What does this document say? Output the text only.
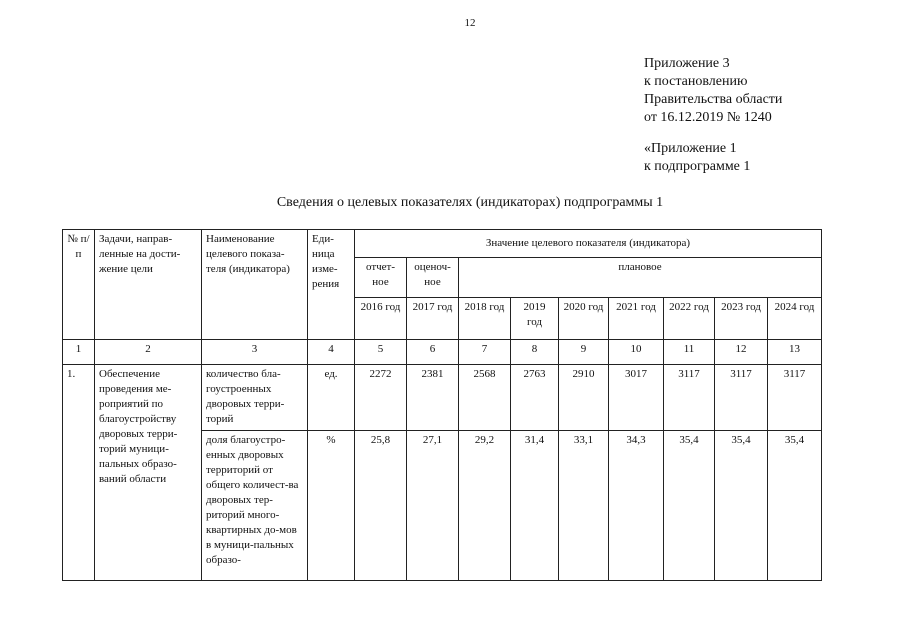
12
Приложение 3
к постановлению
Правительства области
от 16.12.2019 № 1240
«Приложение 1
к подпрограмме 1
Сведения о целевых показателях (индикаторах) подпрограммы 1
№ п/п	Задачи, направ-ленные на дости-жение цели	Наименование целевого показа-теля (индикатора)	Еди-ница изме-рения	Значение целевого показателя (индикатора)								
				отчет-ное	оценоч-ное	плановое						
				2016 год	2017 год	2018 год	2019 год	2020 год	2021 год	2022 год	2023 год	2024 год
1	2	3	4	5	6	7	8	9	10	11	12	13
1.	Обеспечение проведения ме-роприятий по благоустройству дворовых терри-торий муници-пальных образо-ваний области	количество бла-гоустроенных дворовых терри-торий	ед.	2272	2381	2568	2763	2910	3017	3117	3117	3117
		доля благоустро-енных дворовых территорий от общего количест-ва дворовых тер-риторий много-квартирных до-мов в муници-пальных образо-	%	25,8	27,1	29,2	31,4	33,1	34,3	35,4	35,4	35,4
